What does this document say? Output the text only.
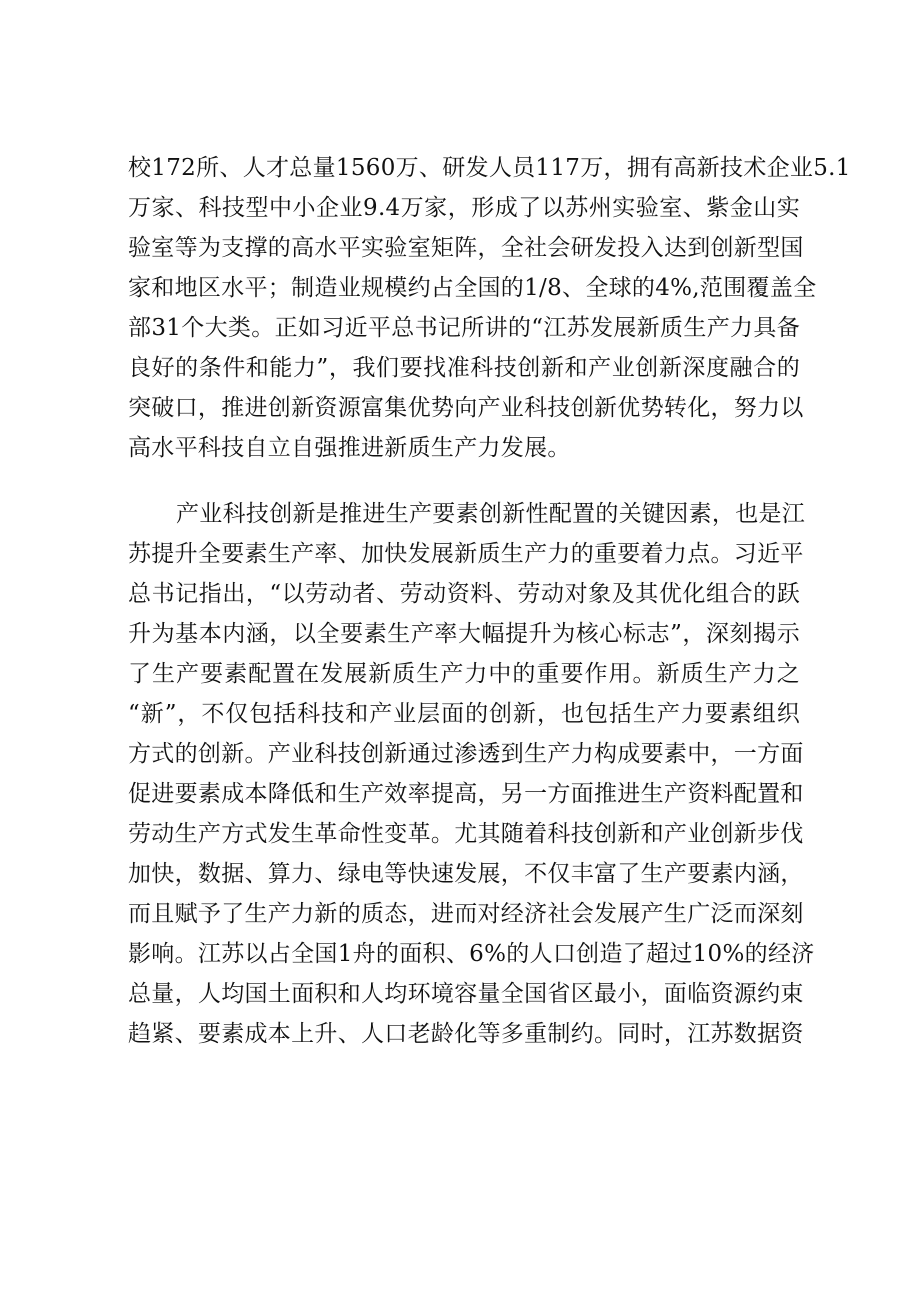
校172所、人才总量1560万、研发人员117万，拥有高新技术企业5.1
万家、科技型中小企业9.4万家，形成了以苏州实验室、紫金山实
验室等为支撑的高水平实验室矩阵，全社会研发投入达到创新型国
家和地区水平；制造业规模约占全国的1/8、全球的4%,范围覆盖全
部31个大类。正如习近平总书记所讲的“江苏发展新质生产力具备
良好的条件和能力”，我们要找准科技创新和产业创新深度融合的
突破口，推进创新资源富集优势向产业科技创新优势转化，努力以
高水平科技自立自强推进新质生产力发展。
产业科技创新是推进生产要素创新性配置的关键因素，也是江
苏提升全要素生产率、加快发展新质生产力的重要着力点。习近平
总书记指出，“以劳动者、劳动资料、劳动对象及其优化组合的跃
升为基本内涵，以全要素生产率大幅提升为核心标志”，深刻揭示
了生产要素配置在发展新质生产力中的重要作用。新质生产力之
“新”，不仅包括科技和产业层面的创新，也包括生产力要素组织
方式的创新。产业科技创新通过渗透到生产力构成要素中，一方面
促进要素成本降低和生产效率提高，另一方面推进生产资料配置和
劳动生产方式发生革命性变革。尤其随着科技创新和产业创新步伐
加快，数据、算力、绿电等快速发展，不仅丰富了生产要素内涵，
而且赋予了生产力新的质态，进而对经济社会发展产生广泛而深刻
影响。江苏以占全国1舟的面积、6%的人口创造了超过10%的经济
总量，人均国土面积和人均环境容量全国省区最小，面临资源约束
趋紧、要素成本上升、人口老龄化等多重制约。同时，江苏数据资
